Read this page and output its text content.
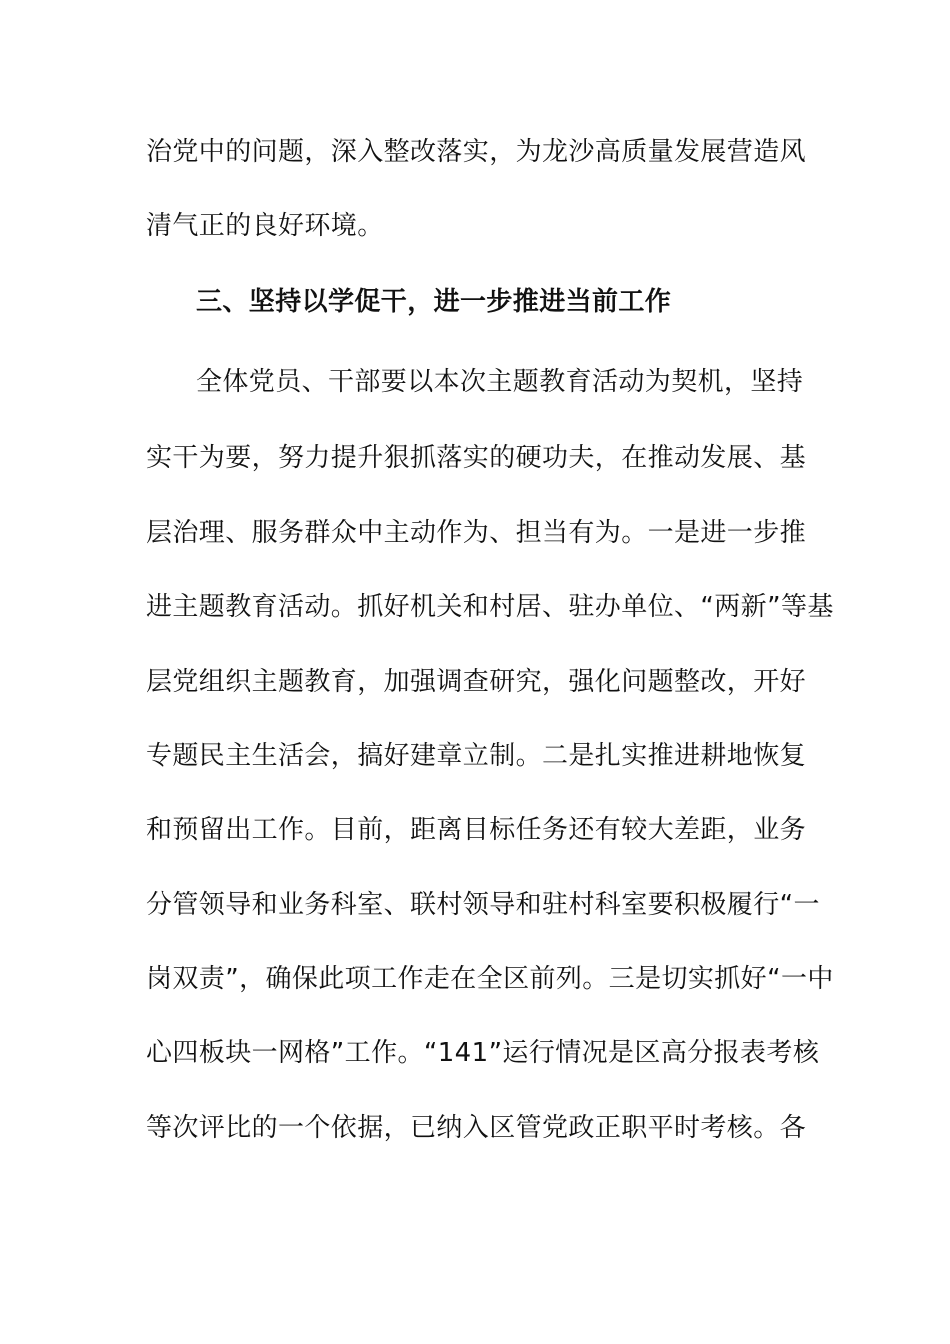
治党中的问题，深入整改落实，为龙沙高质量发展营造风
清气正的良好环境。
三、坚持以学促干，进一步推进当前工作
全体党员、干部要以本次主题教育活动为契机，坚持
实干为要，努力提升狠抓落实的硬功夫，在推动发展、基
层治理、服务群众中主动作为、担当有为。一是进一步推
进主题教育活动。抓好机关和村居、驻办单位、“两新”等基
层党组织主题教育，加强调查研究，强化问题整改，开好
专题民主生活会，搞好建章立制。二是扎实推进耕地恢复
和预留出工作。目前，距离目标任务还有较大差距，业务
分管领导和业务科室、联村领导和驻村科室要积极履行“一
岗双责”，确保此项工作走在全区前列。三是切实抓好“一中
心四板块一网格”工作。“141”运行情况是区高分报表考核
等次评比的一个依据，已纳入区管党政正职平时考核。各
